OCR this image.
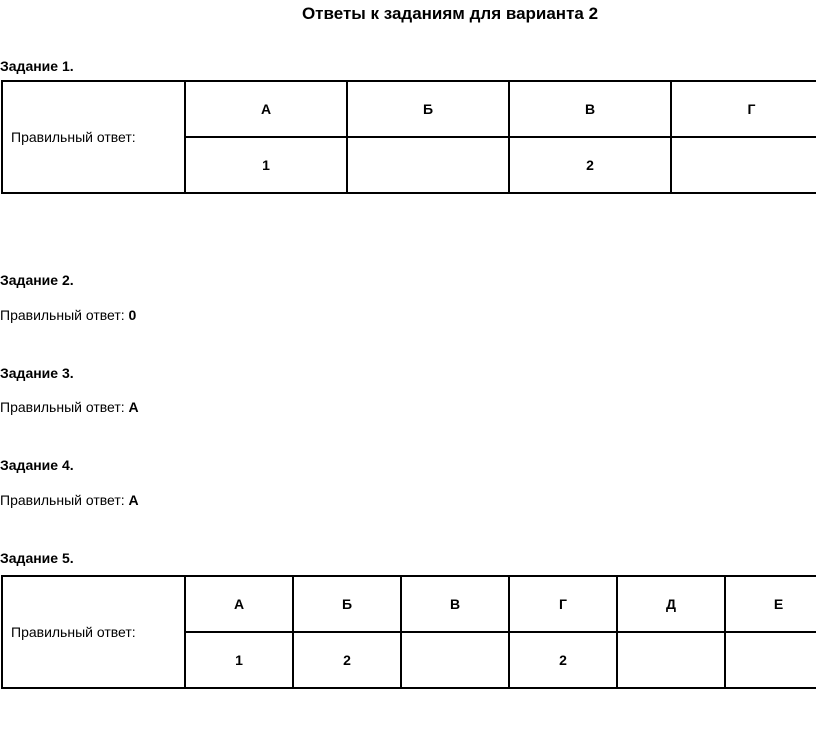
Ответы к заданиям для варианта 2
Задание 1.
Правильный ответ:	А	Б	В	Г
	1		2	
Задание 2.
Правильный ответ: 0
Задание 3.
Правильный ответ: А
Задание 4.
Правильный ответ: А
Задание 5.
Правильный ответ:	А	Б	В	Г	Д	Е
	1	2		2		
